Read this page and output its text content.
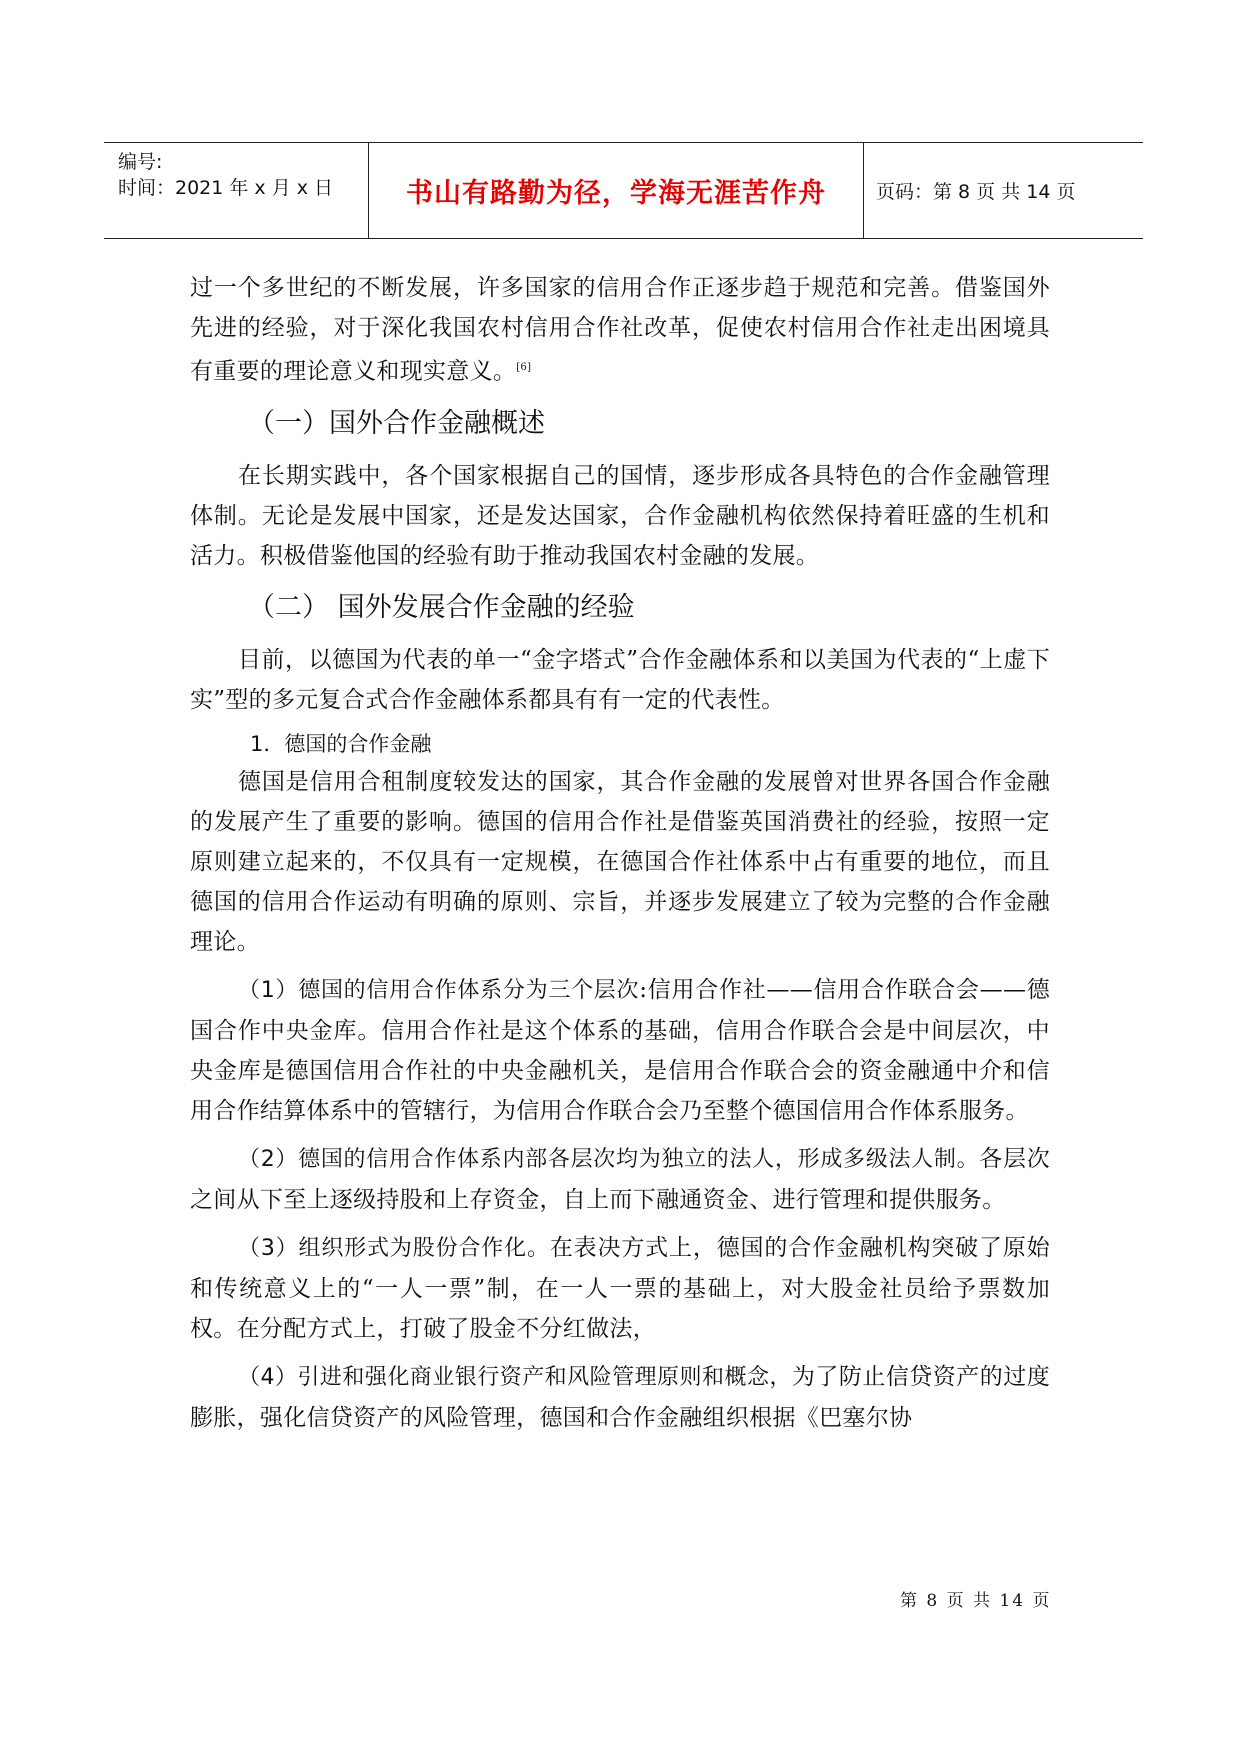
编号:
时间：2021 年 x 月 x 日	书山有路勤为径，学海无涯苦作舟	页码：第 8 页 共 14 页

过一个多世纪的不断发展，许多国家的信用合作正逐步趋于规范和完善。借鉴国外先进的经验，对于深化我国农村信用合作社改革，促使农村信用合作社走出困境具有重要的理论意义和现实意义。[6]

（一）国外合作金融概述

在长期实践中，各个国家根据自己的国情，逐步形成各具特色的合作金融管理体制。无论是发展中国家，还是发达国家，合作金融机构依然保持着旺盛的生机和活力。积极借鉴他国的经验有助于推动我国农村金融的发展。

（二） 国外发展合作金融的经验

目前，以德国为代表的单一“金字塔式”合作金融体系和以美国为代表的“上虚下实”型的多元复合式合作金融体系都具有有一定的代表性。

1．德国的合作金融

德国是信用合租制度较发达的国家，其合作金融的发展曾对世界各国合作金融的发展产生了重要的影响。德国的信用合作社是借鉴英国消费社的经验，按照一定原则建立起来的，不仅具有一定规模，在德国合作社体系中占有重要的地位，而且德国的信用合作运动有明确的原则、宗旨，并逐步发展建立了较为完整的合作金融理论。

（1）德国的信用合作体系分为三个层次:信用合作社——信用合作联合会——德国合作中央金库。信用合作社是这个体系的基础，信用合作联合会是中间层次，中央金库是德国信用合作社的中央金融机关，是信用合作联合会的资金融通中介和信用合作结算体系中的管辖行，为信用合作联合会乃至整个德国信用合作体系服务。

（2）德国的信用合作体系内部各层次均为独立的法人，形成多级法人制。各层次之间从下至上逐级持股和上存资金，自上而下融通资金、进行管理和提供服务。

（3）组织形式为股份合作化。在表决方式上，德国的合作金融机构突破了原始和传统意义上的“一人一票”制，在一人一票的基础上，对大股金社员给予票数加权。在分配方式上，打破了股金不分红做法，

（4）引进和强化商业银行资产和风险管理原则和概念，为了防止信贷资产的过度膨胀，强化信贷资产的风险管理，德国和合作金融组织根据《巴塞尔协

第 8 页 共 14 页
